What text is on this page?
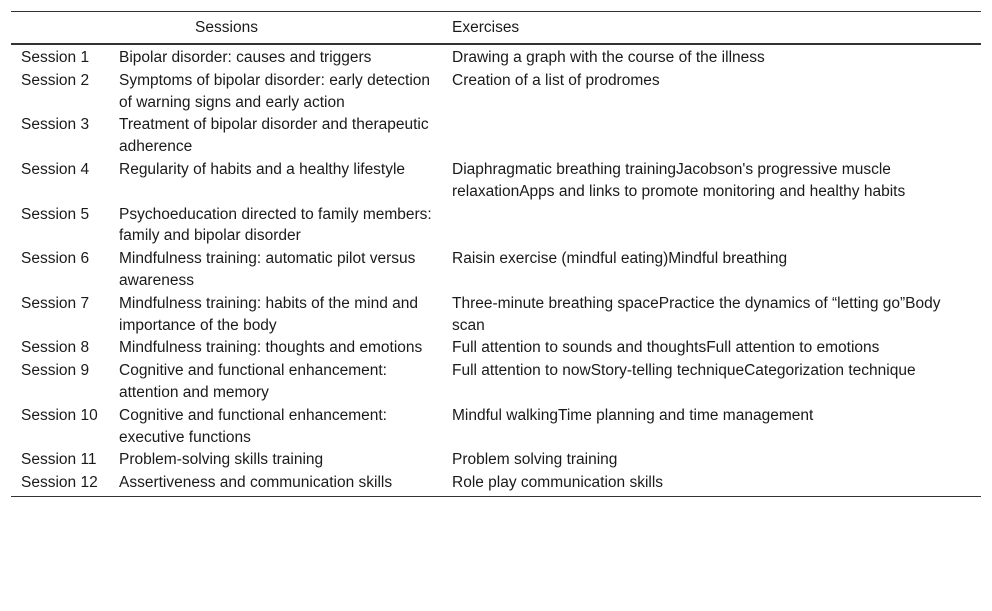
Sessions		Exercises
Session 1	Bipolar disorder: causes and triggers	Drawing a graph with the course of the illness
Session 2	Symptoms of bipolar disorder: early detection of warning signs and early action	Creation of a list of prodromes
Session 3	Treatment of bipolar disorder and therapeutic adherence	
Session 4	Regularity of habits and a healthy lifestyle	Diaphragmatic breathing trainingJacobson's progressive muscle relaxationApps and links to promote monitoring and healthy habits
Session 5	Psychoeducation directed to family members: family and bipolar disorder	
Session 6	Mindfulness training: automatic pilot versus awareness	Raisin exercise (mindful eating)Mindful breathing
Session 7	Mindfulness training: habits of the mind and importance of the body	Three-minute breathing spacePractice the dynamics of “letting go”Body scan
Session 8	Mindfulness training: thoughts and emotions	Full attention to sounds and thoughtsFull attention to emotions
Session 9	Cognitive and functional enhancement: attention and memory	Full attention to nowStory-telling techniqueCategorization technique
Session 10	Cognitive and functional enhancement: executive functions	Mindful walkingTime planning and time management
Session 11	Problem-solving skills training	Problem solving training
Session 12	Assertiveness and communication skills	Role play communication skills
